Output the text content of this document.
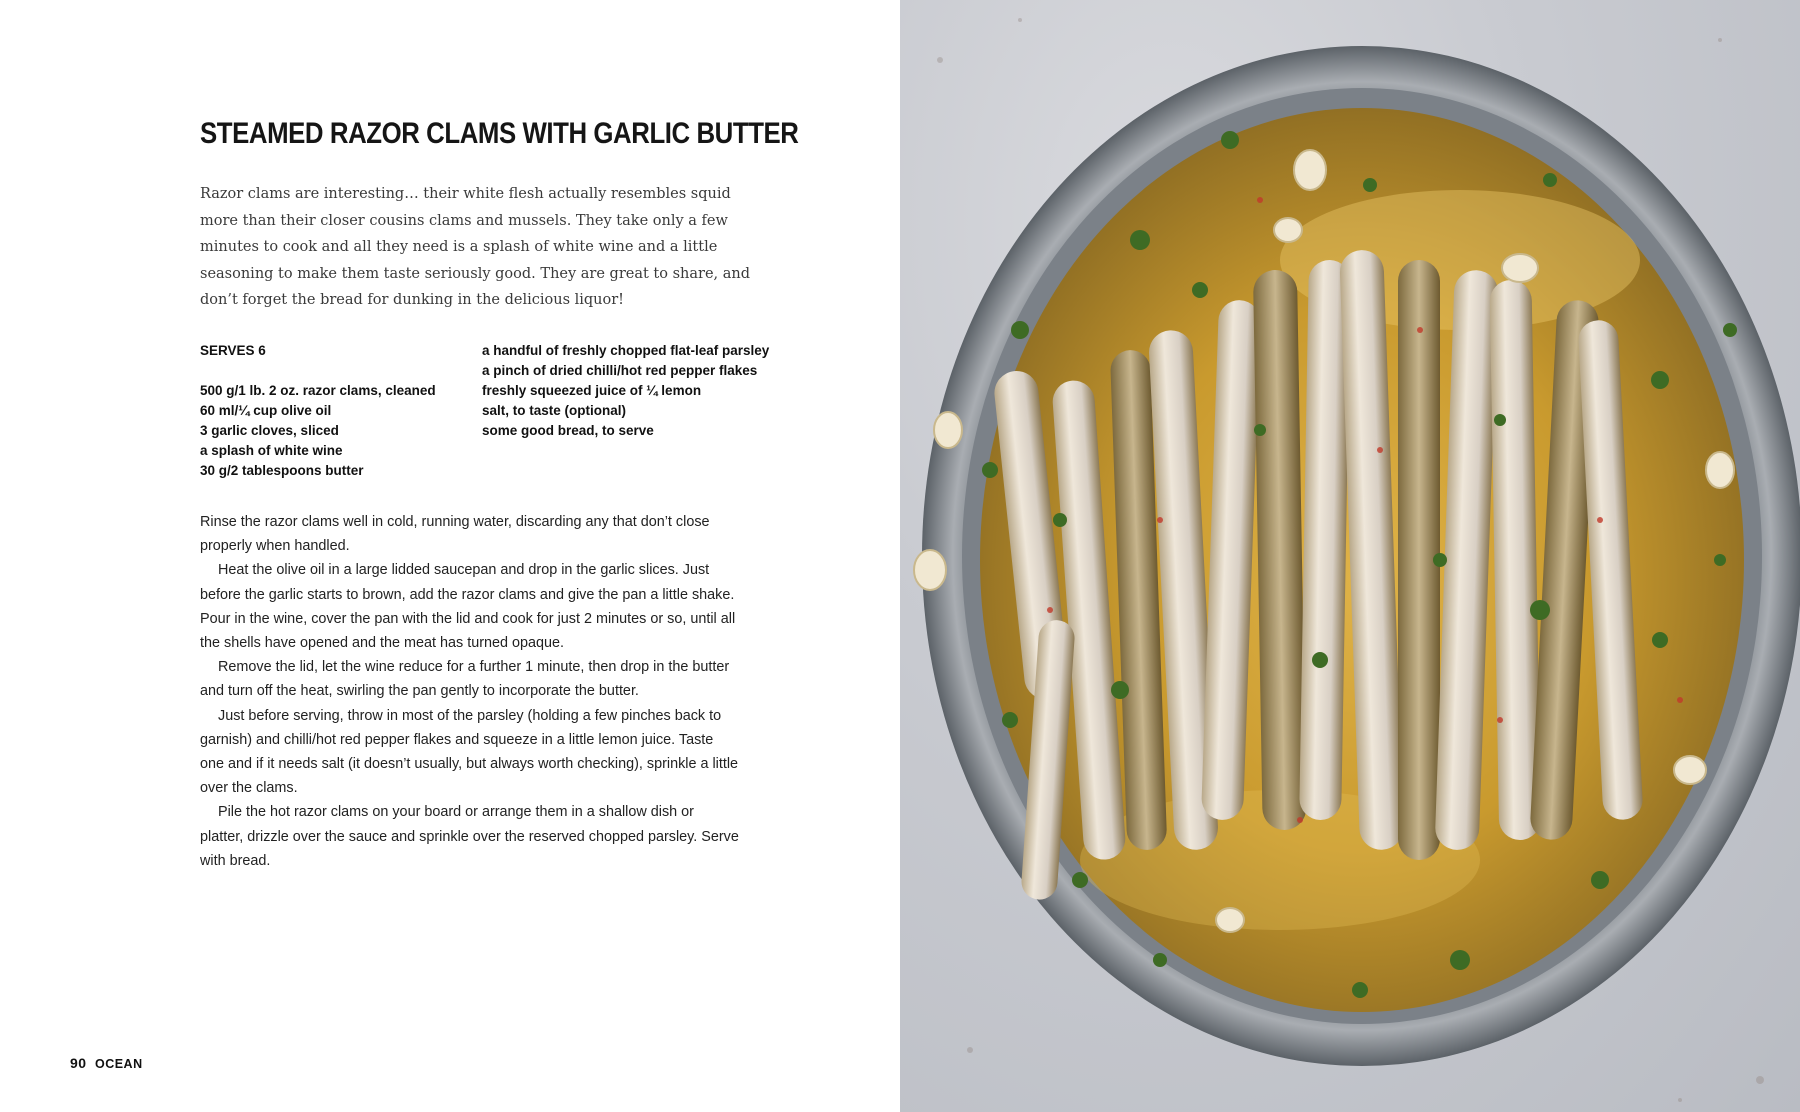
STEAMED RAZOR CLAMS WITH GARLIC BUTTER

Razor clams are interesting… their white flesh actually resembles squid more than their closer cousins clams and mussels. They take only a few minutes to cook and all they need is a splash of white wine and a little seasoning to make them taste seriously good. They are great to share, and don’t forget the bread for dunking in the delicious liquor!

SERVES 6
500 g/1 lb. 2 oz. razor clams, cleaned
60 ml/¼ cup olive oil
3 garlic cloves, sliced
a splash of white wine
30 g/2 tablespoons butter
a handful of freshly chopped flat-leaf parsley
a pinch of dried chilli/hot red pepper flakes
freshly squeezed juice of ¼ lemon
salt, to taste (optional)
some good bread, to serve

Rinse the razor clams well in cold, running water, discarding any that don’t close properly when handled.

Heat the olive oil in a large lidded saucepan and drop in the garlic slices. Just before the garlic starts to brown, add the razor clams and give the pan a little shake. Pour in the wine, cover the pan with the lid and cook for just 2 minutes or so, until all the shells have opened and the meat has turned opaque.

Remove the lid, let the wine reduce for a further 1 minute, then drop in the butter and turn off the heat, swirling the pan gently to incorporate the butter.

Just before serving, throw in most of the parsley (holding a few pinches back to garnish) and chilli/hot red pepper flakes and squeeze in a little lemon juice. Taste one and if it needs salt (it doesn’t usually, but always worth checking), sprinkle a little over the clams.

Pile the hot razor clams on your board or arrange them in a shallow dish or platter, drizzle over the sauce and sprinkle over the reserved chopped parsley. Serve with bread.

90 OCEAN
